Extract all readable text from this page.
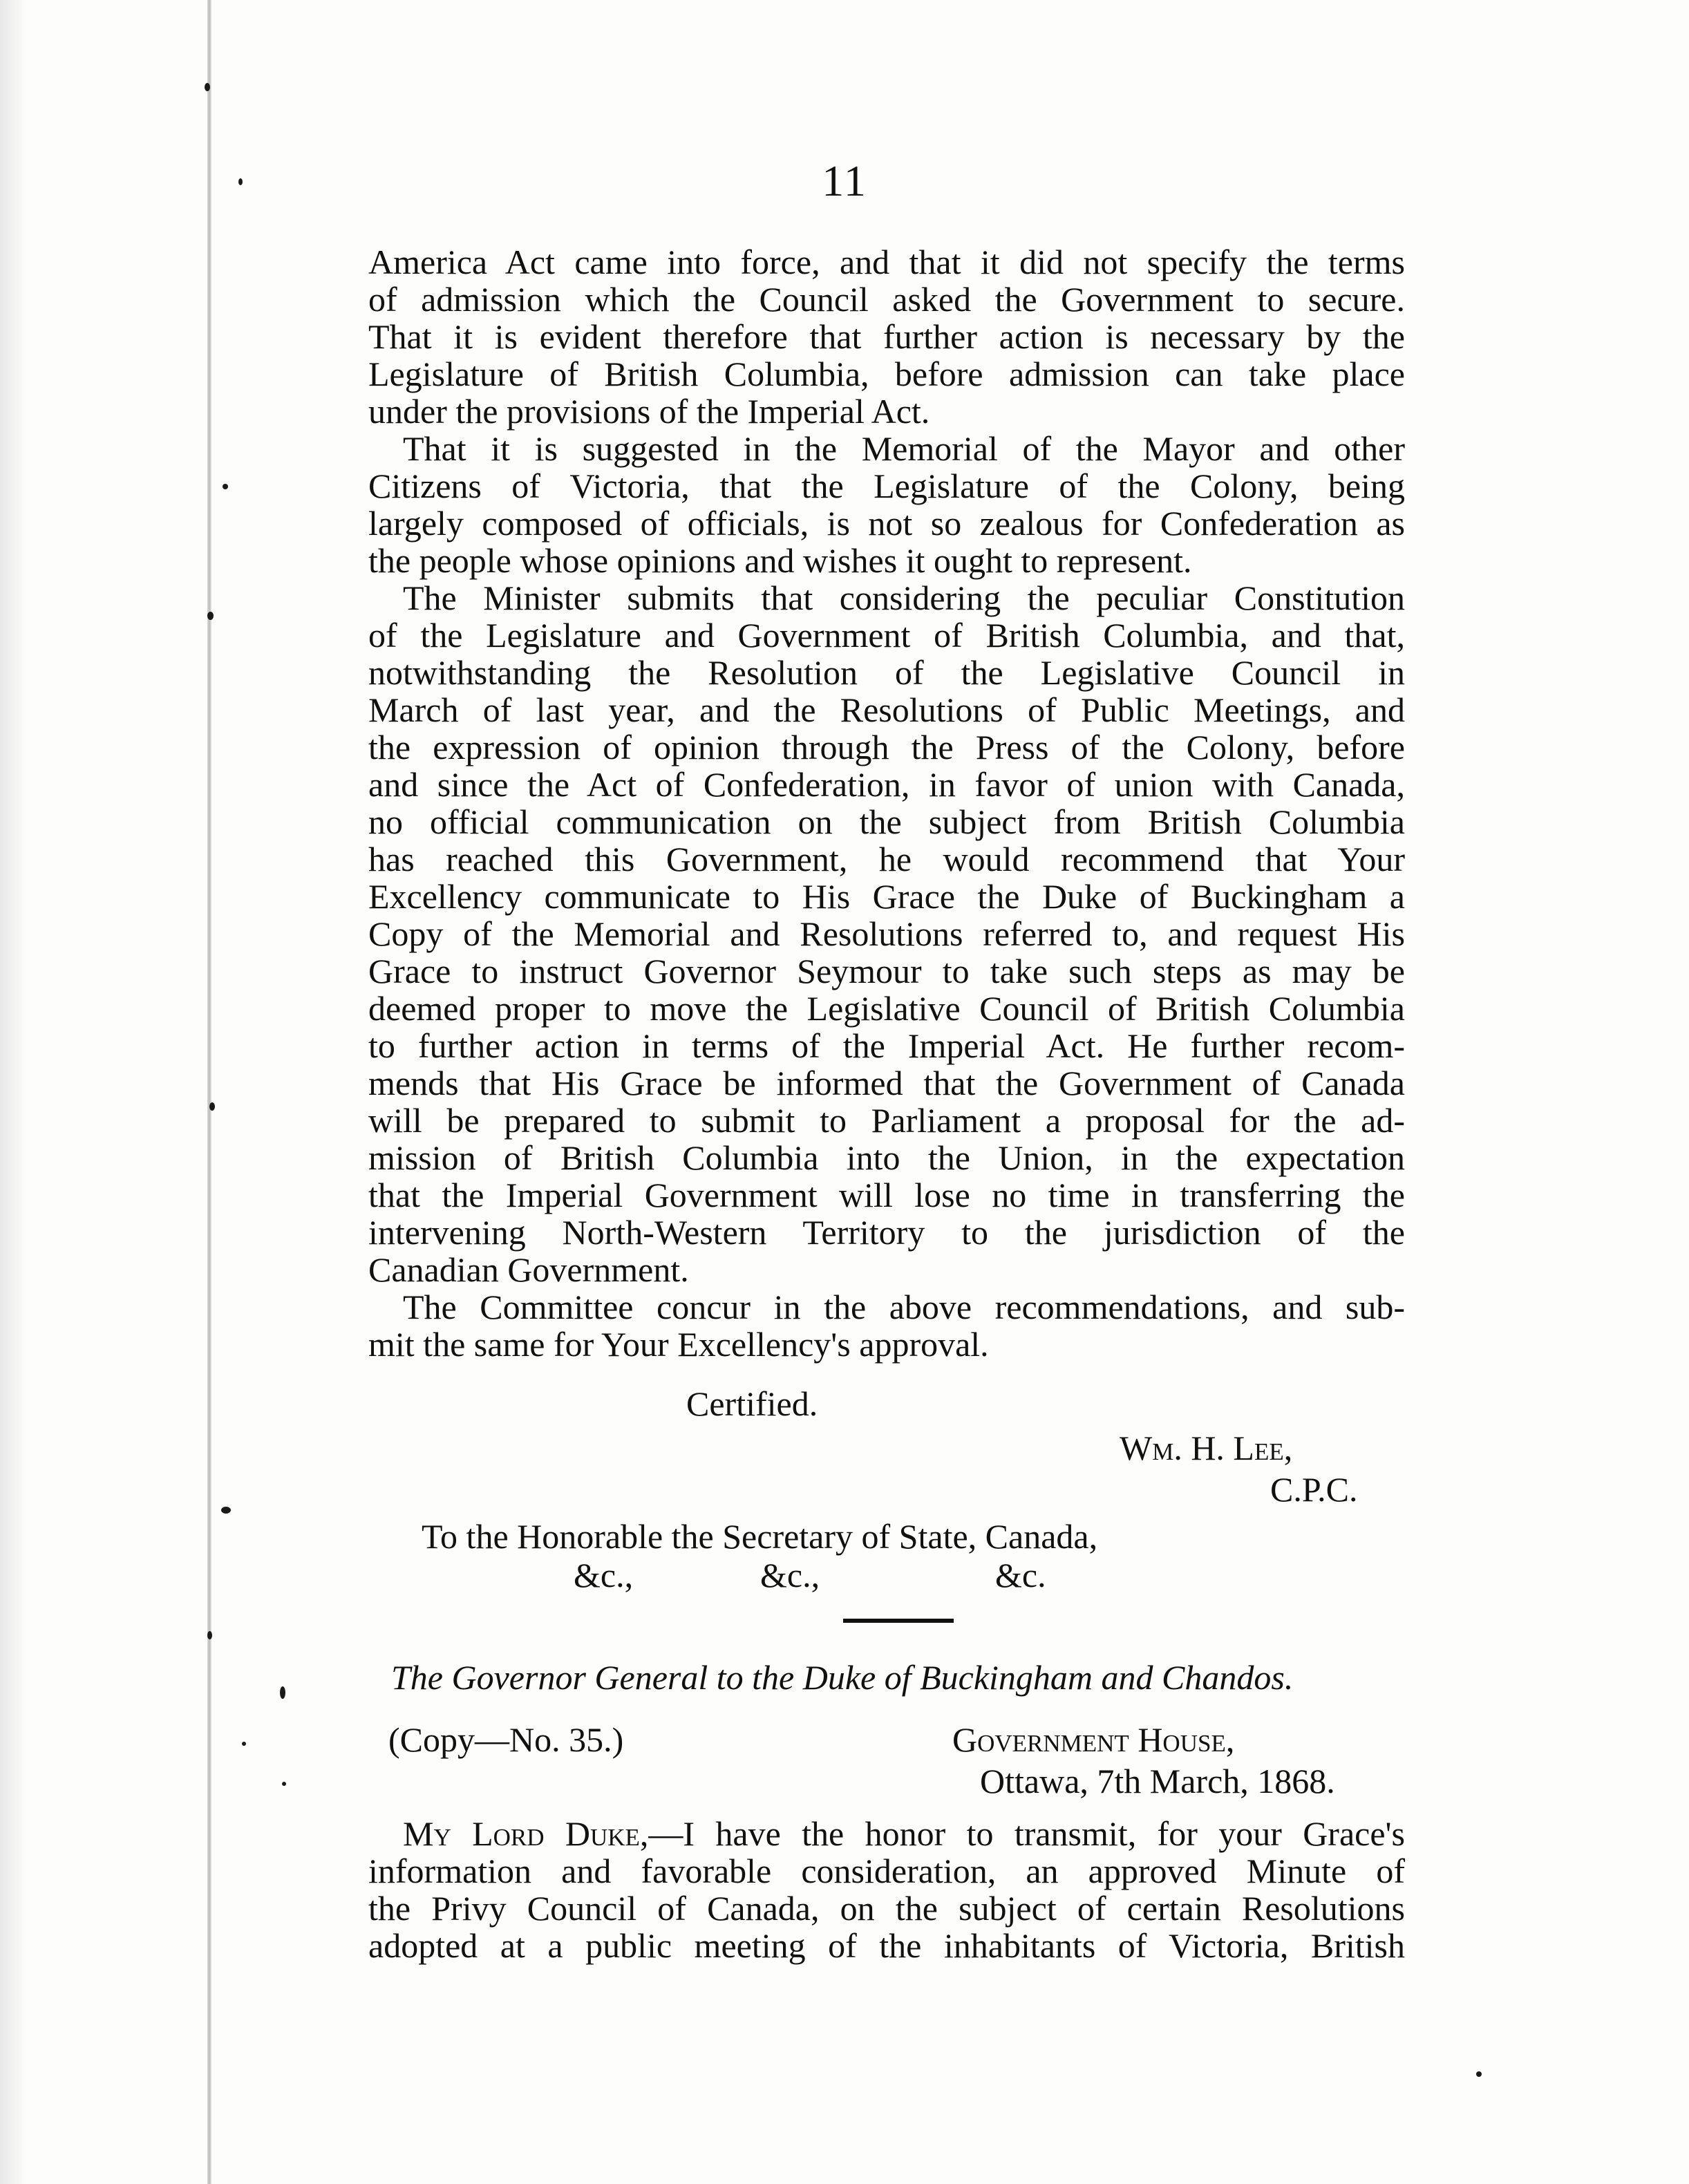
11
America Act came into force, and that it did not specify the terms
of admission which the Council asked the Government to secure.
That it is evident therefore that further action is necessary by the
Legislature of British Columbia, before admission can take place
under the provisions of the Imperial Act.
That it is suggested in the Memorial of the Mayor and other
Citizens of Victoria, that the Legislature of the Colony, being
largely composed of officials, is not so zealous for Confederation as
the people whose opinions and wishes it ought to represent.
The Minister submits that considering the peculiar Constitution
of the Legislature and Government of British Columbia, and that,
notwithstanding the Resolution of the Legislative Council in
March of last year, and the Resolutions of Public Meetings, and
the expression of opinion through the Press of the Colony, before
and since the Act of Confederation, in favor of union with Canada,
no official communication on the subject from British Columbia
has reached this Government, he would recommend that Your
Excellency communicate to His Grace the Duke of Buckingham a
Copy of the Memorial and Resolutions referred to, and request His
Grace to instruct Governor Seymour to take such steps as may be
deemed proper to move the Legislative Council of British Columbia
to further action in terms of the Imperial Act. He further recom-
mends that His Grace be informed that the Government of Canada
will be prepared to submit to Parliament a proposal for the ad-
mission of British Columbia into the Union, in the expectation
that the Imperial Government will lose no time in transferring the
intervening North-Western Territory to the jurisdiction of the
Canadian Government.
The Committee concur in the above recommendations, and sub-
mit the same for Your Excellency's approval.
Certified.
Wm. H. Lee,
C.P.C.
To the Honorable the Secretary of State, Canada,
&c.,	&c.,	&c.
The Governor General to the Duke of Buckingham and Chandos.
(Copy—No. 35.)	Government House,
Ottawa, 7th March, 1868.
My Lord Duke,—I have the honor to transmit, for your Grace's
information and favorable consideration, an approved Minute of
the Privy Council of Canada, on the subject of certain Resolutions
adopted at a public meeting of the inhabitants of Victoria, British
